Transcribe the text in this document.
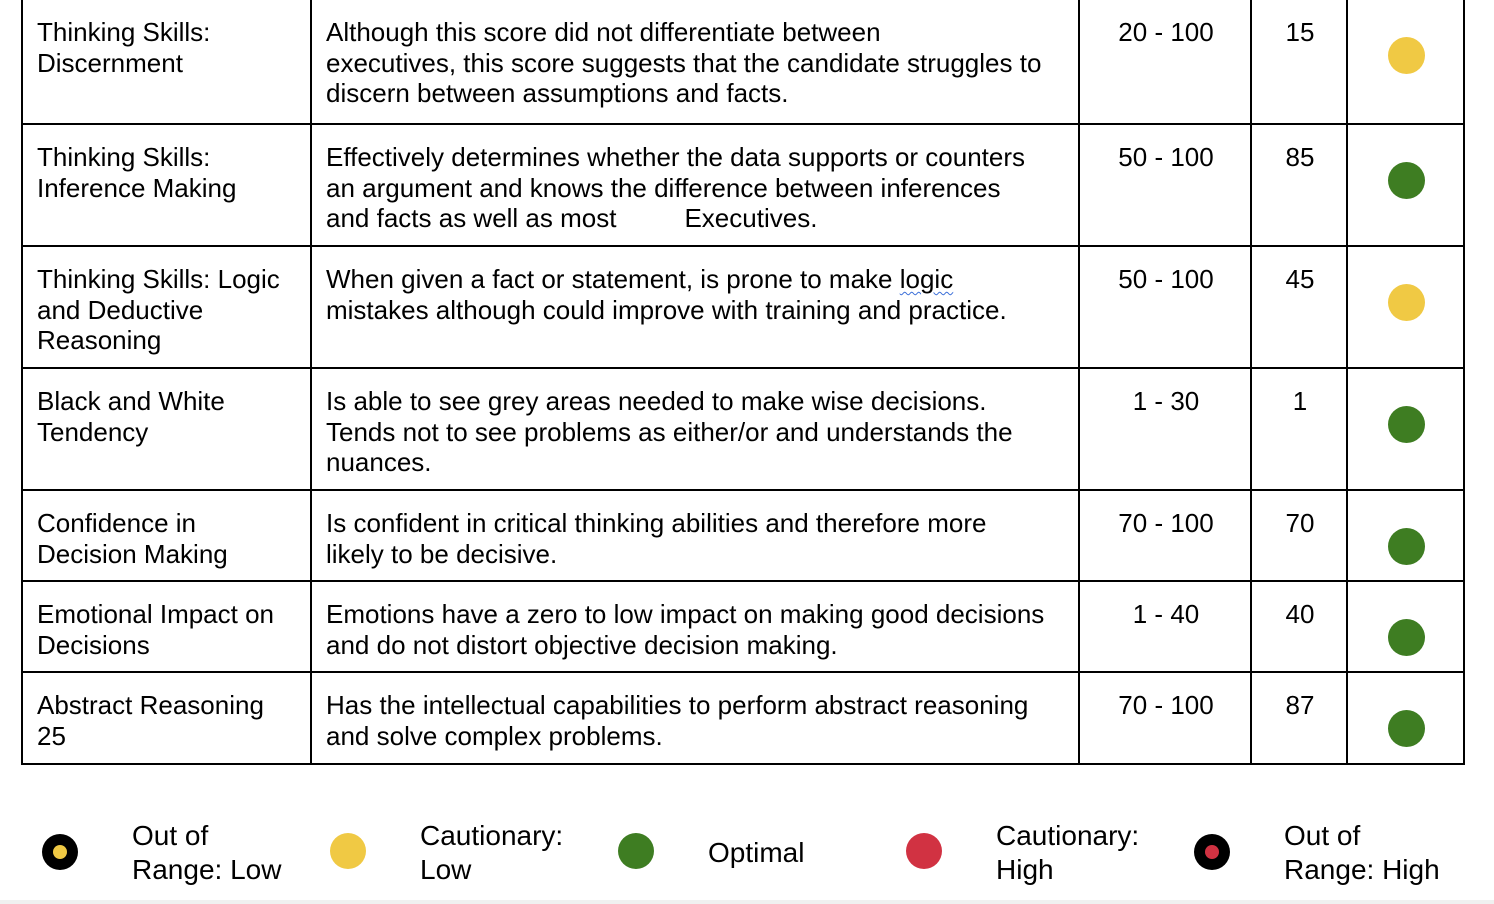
Thinking Skills:
Discernment	Although this score did not differentiate between
executives, this score suggests that the candidate struggles to
discern between assumptions and facts.	20 - 100	15	

Thinking Skills:
Inference Making	Effectively determines whether the data supports or counters
an argument and knows the difference between inferences
and facts as well as most Executives.	50 - 100	85	

Thinking Skills: Logic
and Deductive
Reasoning	When given a fact or statement, is prone to make logic
mistakes although could improve with training and practice.	50 - 100	45	

Black and White
Tendency	Is able to see grey areas needed to make wise decisions.
Tends not to see problems as either/or and understands the
nuances.	1 - 30	1	

Confidence in
Decision Making	Is confident in critical thinking abilities and therefore more
likely to be decisive.	70 - 100	70	

Emotional Impact on
Decisions	Emotions have a zero to low impact on making good decisions
and do not distort objective decision making.	1 - 40	40	

Abstract Reasoning
25	Has the intellectual capabilities to perform abstract reasoning
and solve complex problems.	70 - 100	87	
Out of
Range: Low
Cautionary:
Low
Optimal
Cautionary:
High
Out of
Range: High
